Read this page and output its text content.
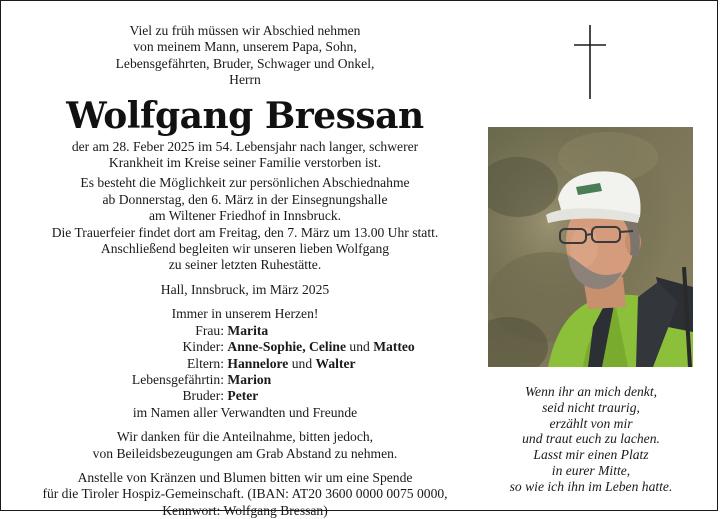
Viel zu früh müssen wir Abschied nehmen
von meinem Mann, unserem Papa, Sohn,
Lebensgefährten, Bruder, Schwager und Onkel,
Herrn
Wolfgang Bressan
der am 28. Feber 2025 im 54. Lebensjahr nach langer, schwerer
Krankheit im Kreise seiner Familie verstorben ist.
Es besteht die Möglichkeit zur persönlichen Abschiednahme
ab Donnerstag, den 6. März in der Einsegnungshalle
am Wiltener Friedhof in Innsbruck.
Die Trauerfeier findet dort am Freitag, den 7. März um 13.00 Uhr statt.
Anschließend begleiten wir unseren lieben Wolfgang
zu seiner letzten Ruhestätte.
Hall, Innsbruck, im März 2025
Immer in unserem Herzen!
Frau: Marita
Kinder: Anne-Sophie, Celine und Matteo
Eltern: Hannelore und Walter
Lebensgefährtin: Marion
Bruder: Peter
im Namen aller Verwandten und Freunde
Wir danken für die Anteilnahme, bitten jedoch,
von Beileidsbezeugungen am Grab Abstand zu nehmen.
Anstelle von Kränzen und Blumen bitten wir um eine Spende
für die Tiroler Hospiz-Gemeinschaft. (IBAN: AT20 3600 0000 0075 0000,
Kennwort: Wolfgang Bressan)
Wenn ihr an mich denkt,
seid nicht traurig,
erzählt von mir
und traut euch zu lachen.
Lasst mir einen Platz
in eurer Mitte,
so wie ich ihn im Leben hatte.
